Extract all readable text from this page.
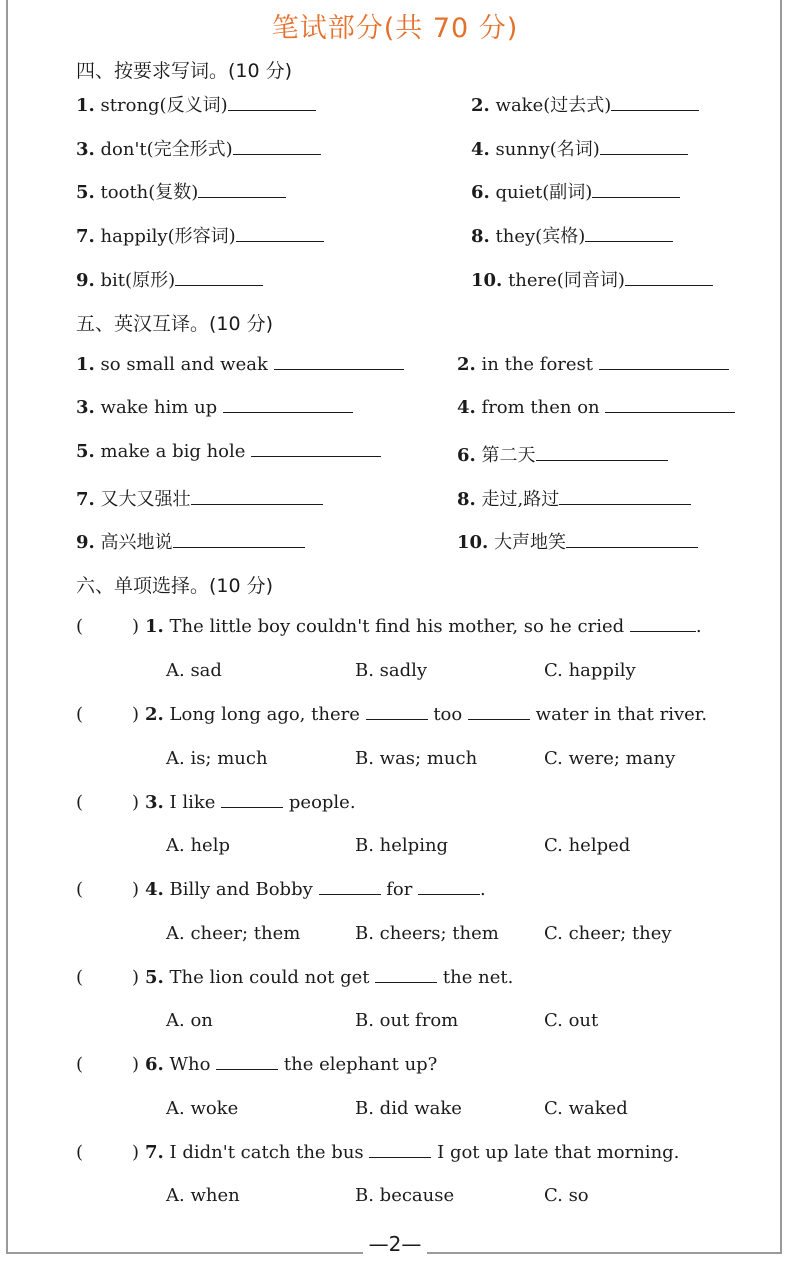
笔试部分(共 70 分)
四、按要求写词。(10 分)
1. strong(反义词)	2. wake(过去式)
3. don't(完全形式)	4. sunny(名词)
5. tooth(复数)	6. quiet(副词)
7. happily(形容词)	8. they(宾格)
9. bit(原形)	10. there(同音词)
五、英汉互译。(10 分)
1. so small and weak	2. in the forest
3. wake him up	4. from then on
5. make a big hole	6. 第二天
7. 又大又强壮	8. 走过,路过
9. 高兴地说	10. 大声地笑
六、单项选择。(10 分)
(	) 1. The little boy couldn't find his mother, so he cried	.
A. sad	B. sadly	C. happily
(	) 2. Long long ago, there	too	water in that river.
A. is; much	B. was; much	C. were; many
(	) 3. I like	people.
A. help	B. helping	C. helped
(	) 4. Billy and Bobby	for	.
A. cheer; them	B. cheers; them	C. cheer; they
(	) 5. The lion could not get	the net.
A. on	B. out from	C. out
(	) 6. Who	the elephant up?
A. woke	B. did wake	C. waked
(	) 7. I didn't catch the bus	I got up late that morning.
A. when	B. because	C. so
—2—
